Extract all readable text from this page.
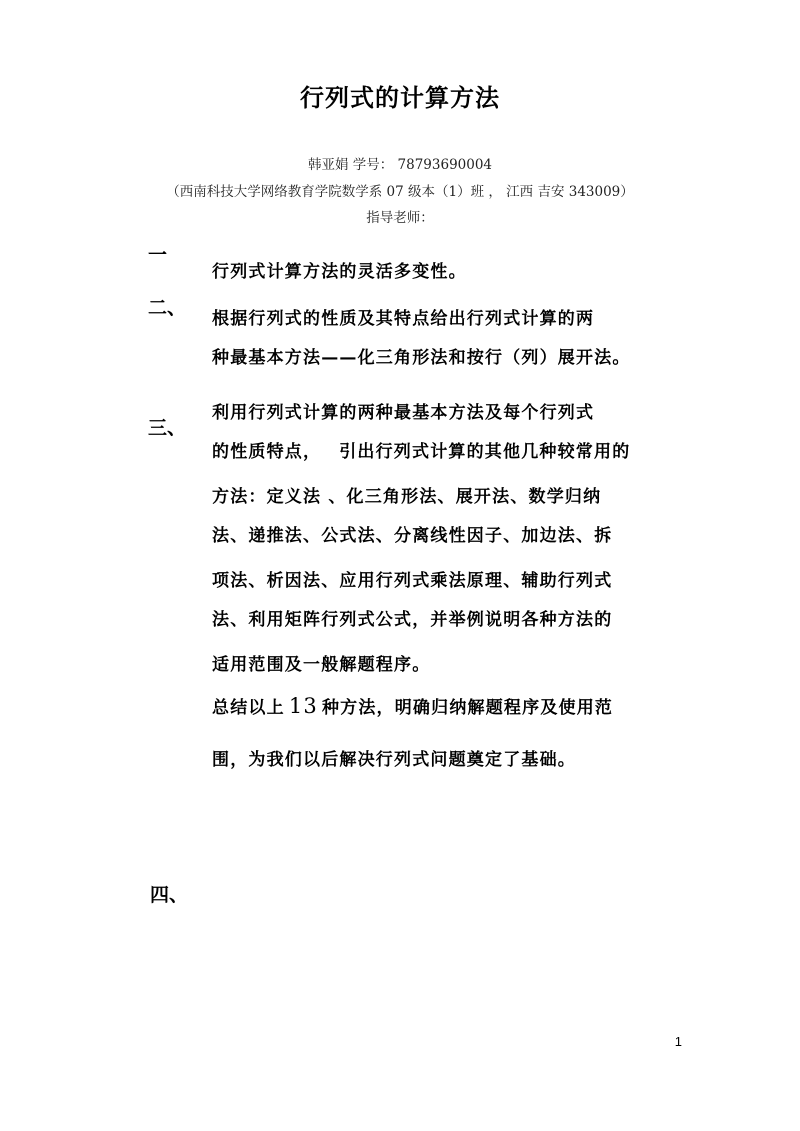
行列式的计算方法
韩亚娟 学号： 78793690004
（西南科技大学网络教育学院数学系 07 级本（1）班 ， 江西 吉安 343009）
指导老师：
一
行列式计算方法的灵活多变性。
二、 根据行列式的性质及其特点给出行列式计算的两
种最基本方法——化三角形法和按行（列）展开法。
三、
利用行列式计算的两种最基本方法及每个行列式
的性质特点， 引出行列式计算的其他几种较常用的
方法：定义法 、化三角形法、展开法、数学归纳
法、递推法、公式法、分离线性因子、加边法、拆
项法、析因法、应用行列式乘法原理、辅助行列式
法、利用矩阵行列式公式，并举例说明各种方法的
适用范围及一般解题程序。
总结以上 13 种方法，明确归纳解题程序及使用范
围，为我们以后解决行列式问题奠定了基础。
四、
1
